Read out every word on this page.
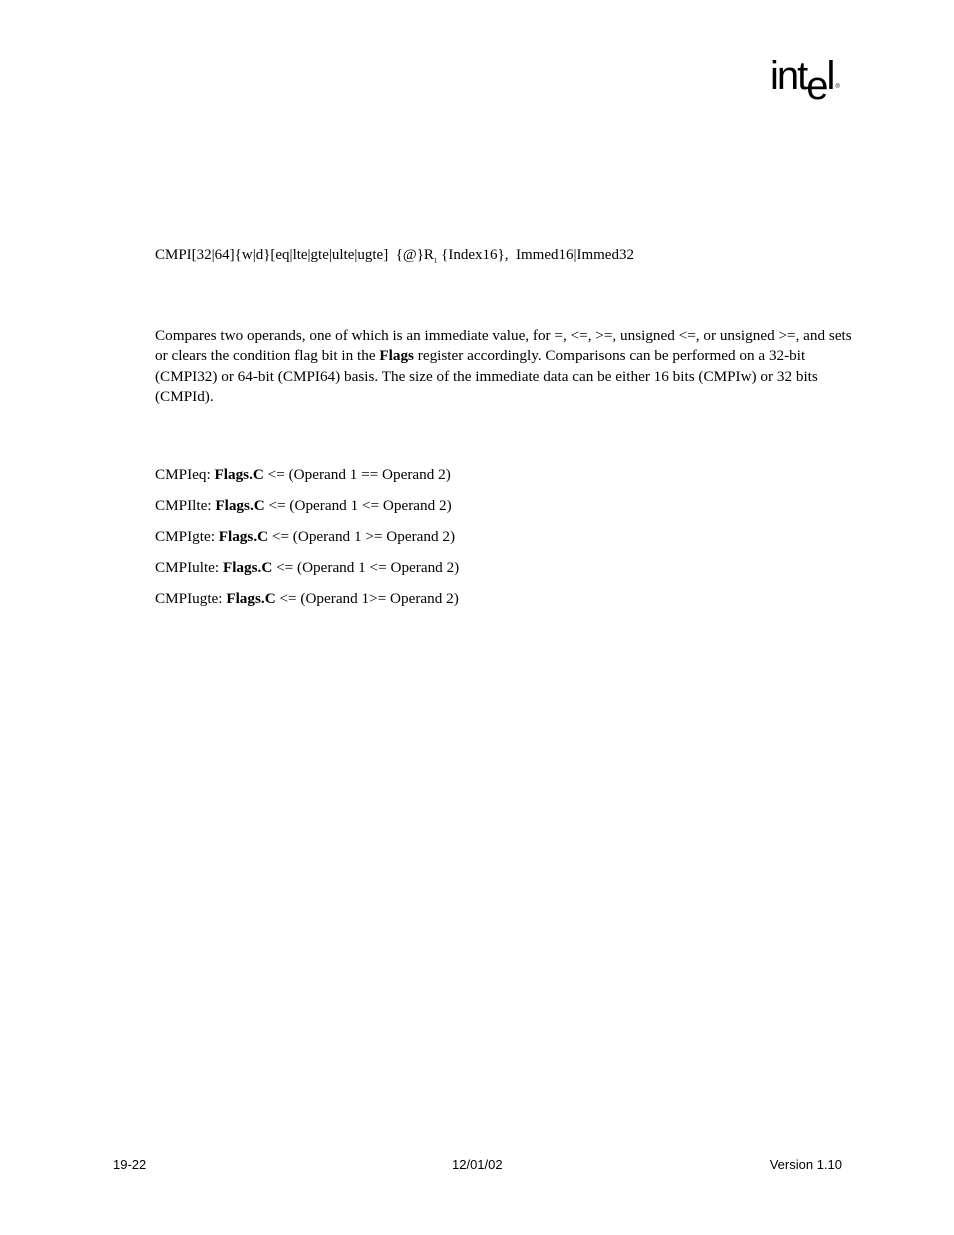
intel ®
CMPI[32|64]{w|d}[eq|lte|gte|ulte|ugte] $\{@\}R_1$ {Index16}, Immed16|Immed32
Compares two operands, one of which is an immediate value, for =, <=, >=, unsigned <=, or unsigned >=, and sets or clears the condition flag bit in the Flags register accordingly. Comparisons can be performed on a 32-bit (CMPI32) or 64-bit (CMPI64) basis. The size of the immediate data can be either 16 bits (CMPIw) or 32 bits (CMPId).
CMPIeq: Flags.C <= (Operand 1 == Operand 2)
CMPIlte: Flags.C <= (Operand 1 <= Operand 2)
CMPIgte: Flags.C <= (Operand 1 >= Operand 2)
CMPIulte: Flags.C <= (Operand 1 <= Operand 2)
CMPIugte: Flags.C <= (Operand 1>= Operand 2)
19-22	12/01/02	Version 1.10
